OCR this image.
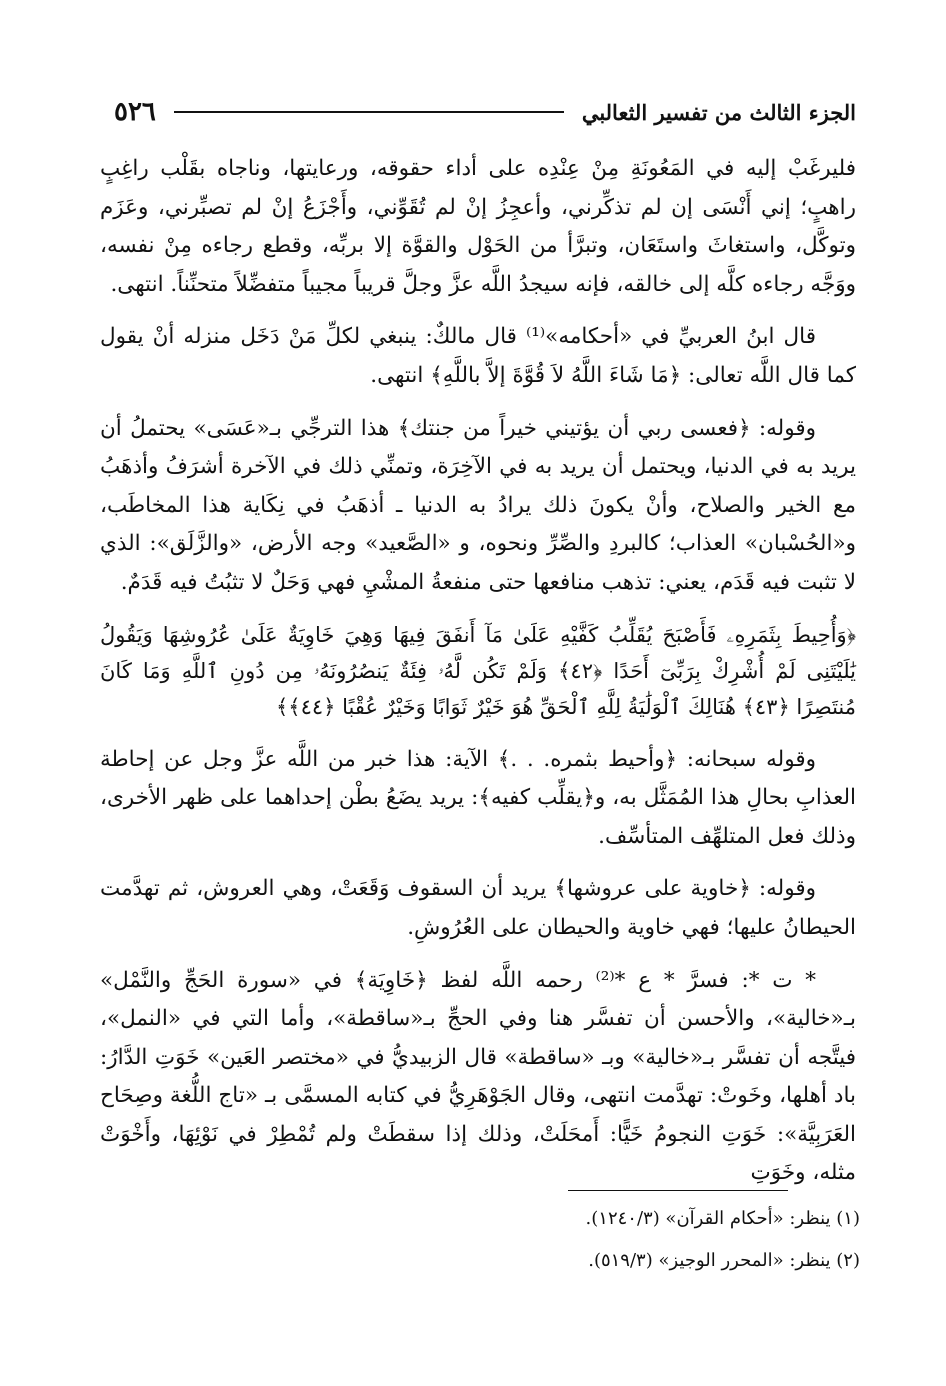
٥٢٦	الجزء الثالث من تفسير الثعالبي

فليرغَبْ إليه في المَعُونَةِ مِنْ عِنْدِه على أداء حقوقه، ورعايتها، وناجاه بقَلْب راغِبٍ راهبٍ؛ إني أَنْسَى إن لم تذكِّرني، وأعجِزُ إنْ لم تُقَوِّني، وأَجْزَعُ إنْ لم تصبِّرني، وعَزَم وتوكَّل، واستغاثَ واستَعَان، وتبرَّأ من الحَوْل والقوَّة إلا بربِّه، وقطع رجاءه مِنْ نفسه، ووَجَّه رجاءه كلَّه إلى خالقه، فإنه سيجدُ اللَّه عزَّ وجلَّ قريباً مجيباً متفضِّلاً متحنِّناً. انتهى.

قال ابنُ العربيِّ في «أحكامه»⁽¹⁾ قال مالكٌ: ينبغي لكلِّ مَنْ دَخَل منزله أنْ يقول كما قال اللَّه تعالى: ﴿مَا شَاءَ اللَّهُ لاَ قُوَّةَ إلاَّ باللَّهِ﴾ انتهى.

وقوله: ﴿فعسى ربي أن يؤتيني خيراً من جنتك﴾ هذا الترجِّي بـ«عَسَى» يحتملُ أن يريد به في الدنيا، ويحتمل أن يريد به في الآخِرَة، وتمنِّي ذلك في الآخرة أشرَفُ وأذهَبُ مع الخير والصلاح، وأنْ يكونَ ذلك يرادُ به الدنيا ـ أذهَبُ في نِكَاية هذا المخاطَب، و«الحُسْبان» العذاب؛ كالبردِ والصِّرِّ ونحوه، و «الصَّعيد» وجه الأرض، «والزَّلَق»: الذي لا تثبت فيه قَدَم، يعني: تذهب منافعها حتى منفعةُ المشْيِ فهي وَحَلٌ لا تثبُتُ فيه قَدَمٌ.

﴿وَأُحِيطَ بِثَمَرِهِۦ فَأَصْبَحَ يُقَلِّبُ كَفَّيْهِ عَلَىٰ مَآ أَنفَقَ فِيهَا وَهِيَ خَاوِيَةٌ عَلَىٰ عُرُوشِهَا وَيَقُولُ يَٰلَيْتَنِى لَمْ أُشْرِكْ بِرَبِّىٓ أَحَدًا ﴿٤٢﴾ وَلَمْ تَكُن لَّهُۥ فِئَةٌ يَنصُرُونَهُۥ مِن دُونِ ٱللَّهِ وَمَا كَانَ مُنتَصِرًا ﴿٤٣﴾ هُنَالِكَ ٱلْوَلَٰيَةُ لِلَّهِ ٱلْحَقِّ هُوَ خَيْرٌ ثَوَابًا وَخَيْرٌ عُقْبًا ﴿٤٤﴾﴾

وقوله سبحانه: ﴿وأحيط بثمره. . .﴾ الآية: هذا خبر من اللَّه عزَّ وجل عن إحاطة العذابِ بحالِ هذا المُمَثَّل به، و﴿يقلِّب كفيه﴾: يريد يضَعُ بطْن إحداهما على ظهر الأخرى، وذلك فعل المتلهِّف المتأسِّف.

وقوله: ﴿خاوية على عروشها﴾ يريد أن السقوف وَقَعَتْ، وهي العروش، ثم تهدَّمت الحيطانُ عليها؛ فهي خاوية والحيطان على العُرُوشِ.

* ت *: فسرَّ * ع *⁽²⁾ رحمه اللَّه لفظ ﴿خَاوِيَة﴾ في «سورة الحَجِّ والنَّمْل» بـ«خالية»، والأحسن أن تفسَّر هنا وفي الحجِّ بـ«ساقطة»، وأما التي في «النمل»، فيتَّجه أن تفسَّر بـ«خالية» وبـ «ساقطة» قال الزبيديُّ في «مختصر العَين» خَوَتِ الدَّارُ: باد أهلها، وخَوتْ: تهدَّمت انتهى، وقال الجَوْهَرِيُّ في كتابه المسمَّى بـ «تاج اللُّغة وصِحَاح العَرَبِيَّة»: خَوَتِ النجومُ خَيًّا: أَمحَلَتْ، وذلك إذا سقطَتْ ولم تُمْطِرْ في نَوْئِهَا، وأَخْوَتْ مثله، وخَوَتِ

(١) ينظر: «أحكام القرآن» (١٢٤٠/٣).

(٢) ينظر: «المحرر الوجيز» (٥١٩/٣).
